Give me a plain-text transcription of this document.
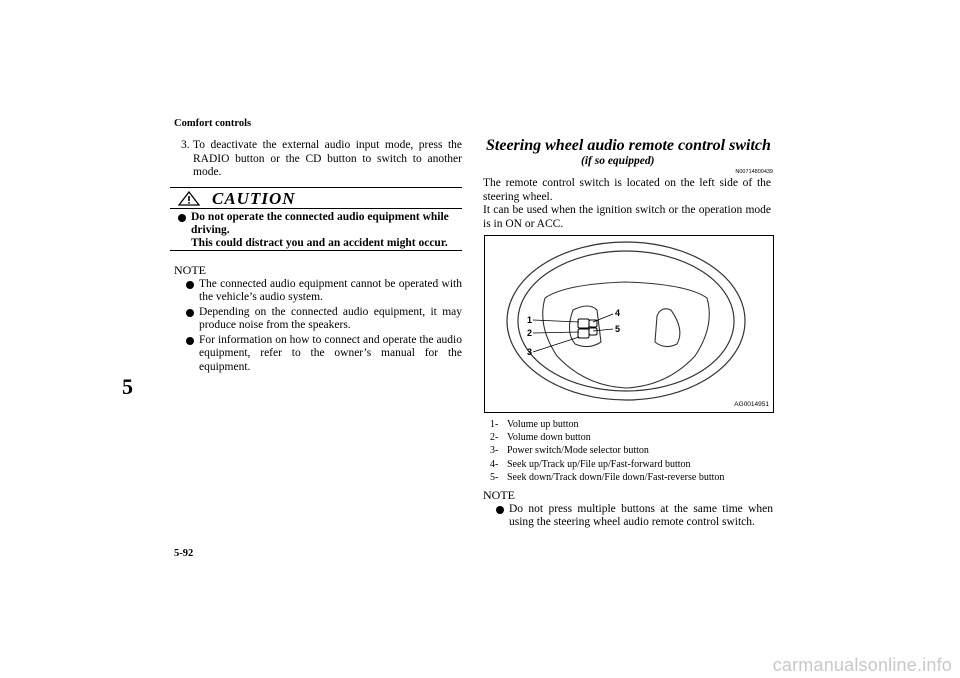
Comfort controls
5
5-92
3. To deactivate the external audio input mode, press the RADIO button or the CD button to switch to another mode.
CAUTION
Do not operate the connected audio equipment while driving.
This could distract you and an accident might occur.
NOTE
The connected audio equipment cannot be operated with the vehicle’s audio system.
Depending on the connected audio equipment, it may produce noise from the speakers.
For information on how to connect and operate the audio equipment, refer to the owner’s manual for the equipment.
Steering wheel audio remote control switch
(if so equipped)
N00714800439
The remote control switch is located on the left side of the steering wheel.
It can be used when the ignition switch or the operation mode is in ON or ACC.
1
2
3
4
5
AG0014951
1- Volume up button
2- Volume down button
3- Power switch/Mode selector button
4- Seek up/Track up/File up/Fast-forward button
5- Seek down/Track down/File down/Fast-reverse button
NOTE
Do not press multiple buttons at the same time when using the steering wheel audio remote control switch.
carmanualsonline.info
